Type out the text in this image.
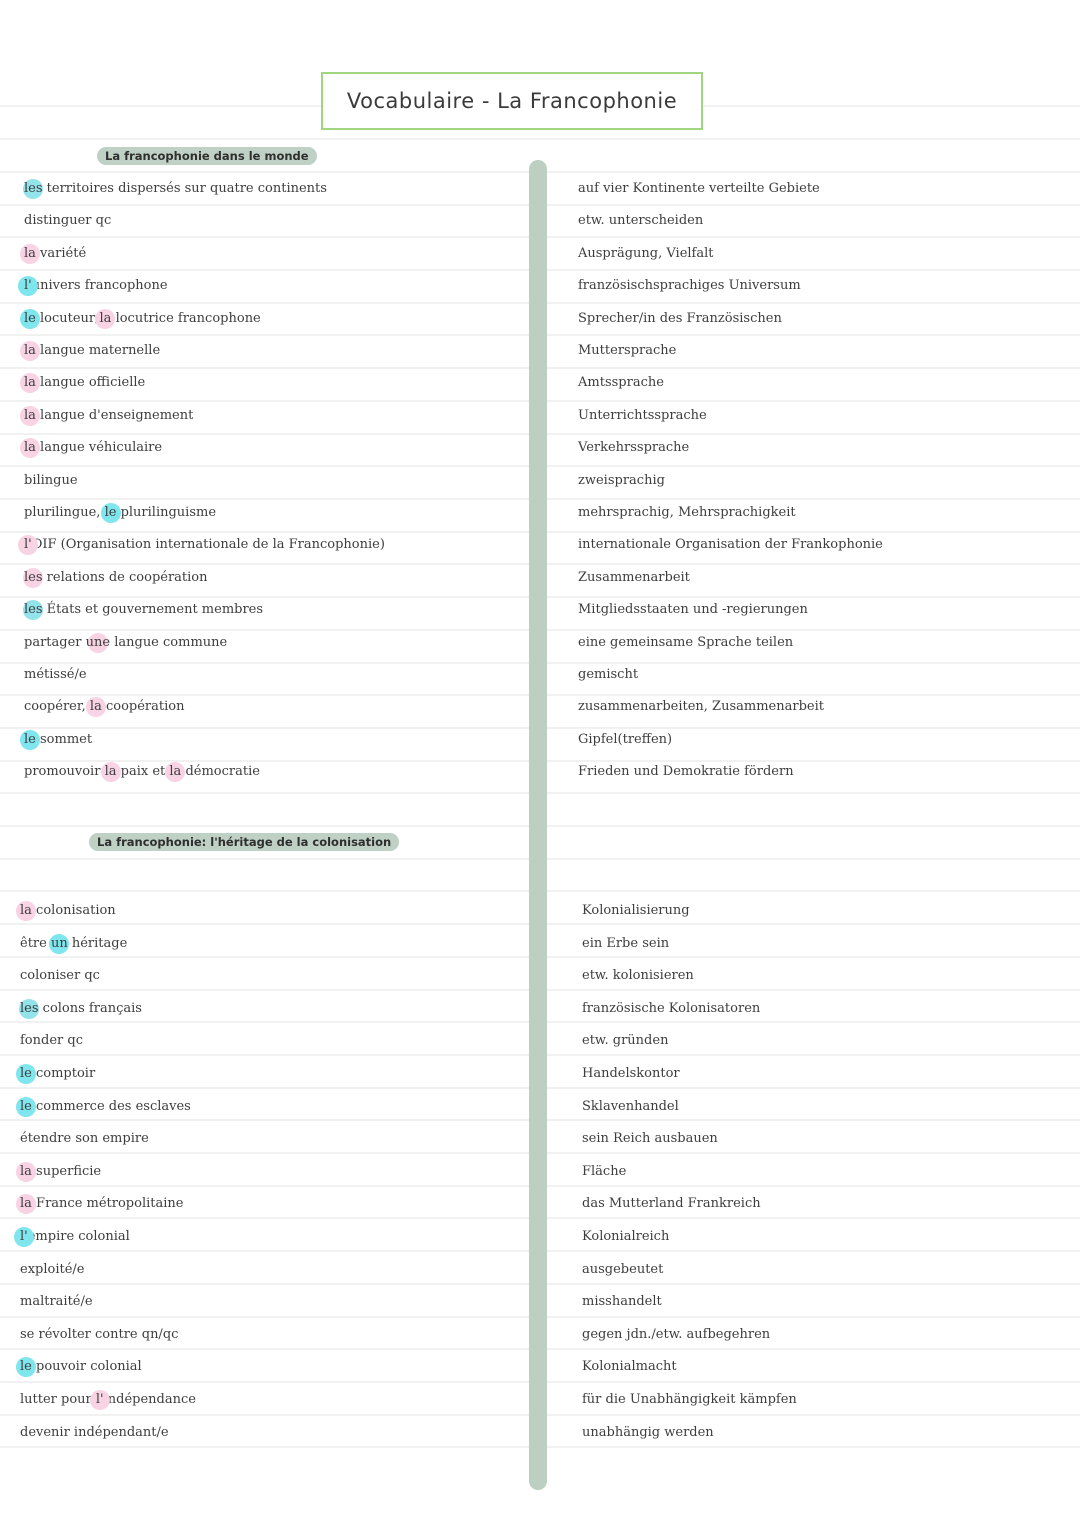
Vocabulaire - La Francophonie
La francophonie dans le monde
La francophonie: l'héritage de la colonisation
les territoires dispersés sur quatre continents	auf vier Kontinente verteilte Gebiete
distinguer qc	etw. unterscheiden
la variété	Ausprägung, Vielfalt
l'univers francophone	französischsprachiges Universum
le locuteur/la locutrice francophone	Sprecher/in des Französischen
la langue maternelle	Muttersprache
la langue officielle	Amtssprache
la langue d'enseignement	Unterrichtssprache
la langue véhiculaire	Verkehrssprache
bilingue	zweisprachig
plurilingue, le plurilinguisme	mehrsprachig, Mehrsprachigkeit
l'OIF (Organisation internationale de la Francophonie)	internationale Organisation der Frankophonie
les relations de coopération	Zusammenarbeit
les États et gouvernement membres	Mitgliedsstaaten und -regierungen
partager une langue commune	eine gemeinsame Sprache teilen
métissé/e	gemischt
coopérer, la coopération	zusammenarbeiten, Zusammenarbeit
le sommet	Gipfel(treffen)
promouvoir la paix et la démocratie	Frieden und Demokratie fördern
la colonisation	Kolonialisierung
être un héritage	ein Erbe sein
coloniser qc	etw. kolonisieren
les colons français	französische Kolonisatoren
fonder qc	etw. gründen
le comptoir	Handelskontor
le commerce des esclaves	Sklavenhandel
étendre son empire	sein Reich ausbauen
la superficie	Fläche
la France métropolitaine	das Mutterland Frankreich
l'empire colonial	Kolonialreich
exploité/e	ausgebeutet
maltraité/e	misshandelt
se révolter contre qn/qc	gegen jdn./etw. aufbegehren
le pouvoir colonial	Kolonialmacht
lutter pour l'indépendance	für die Unabhängigkeit kämpfen
devenir indépendant/e	unabhängig werden
